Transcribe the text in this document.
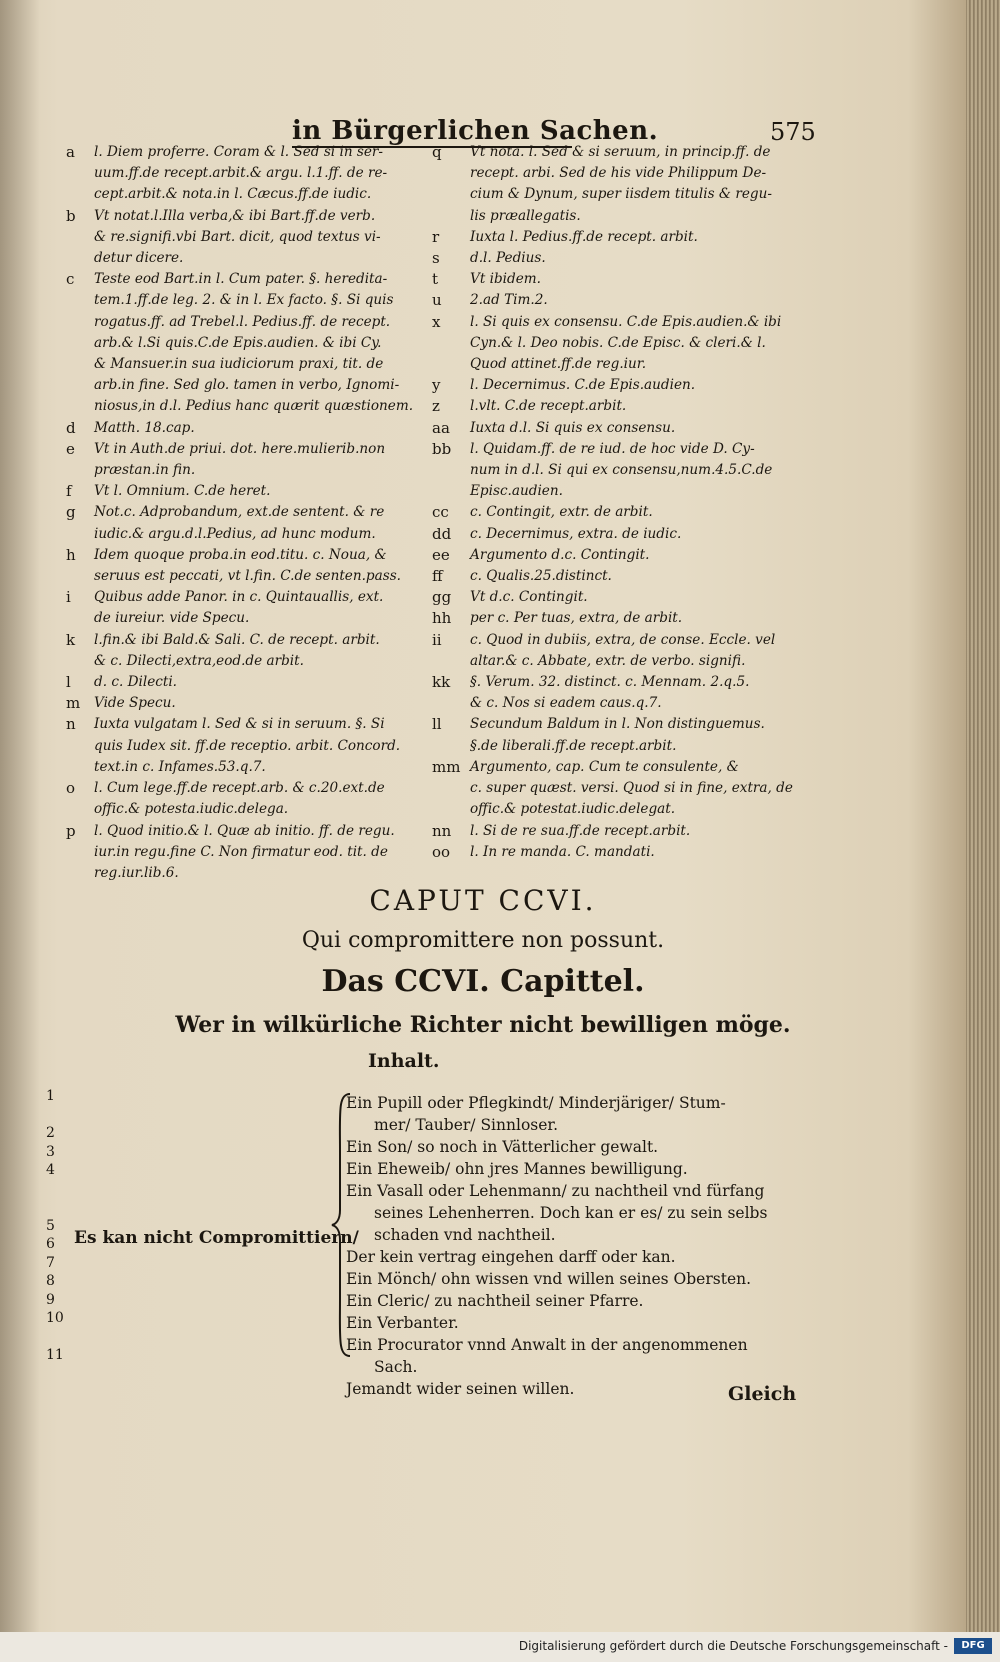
in Bürgerlichen Sachen.	575
a	l. Diem proferre. Coram & l. Sed si in ser-
uum.ff.de recept.arbit.& argu. l.1.ff. de re-
cept.arbit.& nota.in l. Cæcus.ff.de iudic.
b	Vt notat.l.Illa verba,& ibi Bart.ff.de verb.
& re.signifi.vbi Bart. dicit, quod textus vi-
detur dicere.
c	Teste eod Bart.in l. Cum pater. §. heredita-
tem.1.ff.de leg. 2. & in l. Ex facto. §. Si quis
rogatus.ff. ad Trebel.l. Pedius.ff. de recept.
arb.& l.Si quis.C.de Epis.audien. & ibi Cy.
& Mansuer.in sua iudiciorum praxi, tit. de
arb.in fine. Sed glo. tamen in verbo, Ignomi-
niosus,in d.l. Pedius hanc quærit quæstionem.
d	Matth. 18.cap.
e	Vt in Auth.de priui. dot. here.mulierib.non
præstan.in fin.
f	Vt l. Omnium. C.de heret.
g	Not.c. Adprobandum, ext.de sentent. & re
iudic.& argu.d.l.Pedius, ad hunc modum.
h	Idem quoque proba.in eod.titu. c. Noua, &
seruus est peccati, vt l.fin. C.de senten.pass.
i	Quibus adde Panor. in c. Quintauallis, ext.
de iureiur. vide Specu.
k	l.fin.& ibi Bald.& Sali. C. de recept. arbit.
& c. Dilecti,extra,eod.de arbit.
l	d. c. Dilecti.
m	Vide Specu.
n	Iuxta vulgatam l. Sed & si in seruum. §. Si
quis Iudex sit. ff.de receptio. arbit. Concord.
text.in c. Infames.53.q.7.
o	l. Cum lege.ff.de recept.arb. & c.20.ext.de
offic.& potesta.iudic.delega.
p	l. Quod initio.& l. Quæ ab initio. ff. de regu.
iur.in regu.fine C. Non firmatur eod. tit. de
reg.iur.lib.6.
q	Vt nota. l. Sed & si seruum, in princip.ff. de
recept. arbi. Sed de his vide Philippum De-
cium & Dynum, super iisdem titulis & regu-
lis præallegatis.
r	Iuxta l. Pedius.ff.de recept. arbit.
s	d.l. Pedius.
t	Vt ibidem.
u	2.ad Tim.2.
x	l. Si quis ex consensu. C.de Epis.audien.& ibi
Cyn.& l. Deo nobis. C.de Episc. & cleri.& l.
Quod attinet.ff.de reg.iur.
y	l. Decernimus. C.de Epis.audien.
z	l.vlt. C.de recept.arbit.
aa	Iuxta d.l. Si quis ex consensu.
bb	l. Quidam.ff. de re iud. de hoc vide D. Cy-
num in d.l. Si qui ex consensu,num.4.5.C.de
Episc.audien.
cc	c. Contingit, extr. de arbit.
dd	c. Decernimus, extra. de iudic.
ee	Argumento d.c. Contingit.
ff	c. Qualis.25.distinct.
gg	Vt d.c. Contingit.
hh	per c. Per tuas, extra, de arbit.
ii	c. Quod in dubiis, extra, de conse. Eccle. vel
altar.& c. Abbate, extr. de verbo. signifi.
kk	§. Verum. 32. distinct. c. Mennam. 2.q.5.
& c. Nos si eadem caus.q.7.
ll	Secundum Baldum in l. Non distinguemus.
§.de liberali.ff.de recept.arbit.
mm Argumento, cap. Cum te consulente, &
c. super quæst. versi. Quod si in fine, extra, de
offic.& potestat.iudic.delegat.
nn	l. Si de re sua.ff.de recept.arbit.
oo	l. In re manda. C. mandati.
CAPUT CCVI.
Qui compromittere non possunt.
Das CCVI. Capittel.
Wer in wilkürliche Richter nicht bewilligen möge.
Inhalt.
1
2
3
4
5
6
7
8
9
10
11
Es kan nicht Compromittiern/
Ein Pupill oder Pflegkindt/ Minderjäriger/ Stum-
mer/ Tauber/ Sinnloser.
Ein Son/ so noch in Vätterlicher gewalt.
Ein Eheweib/ ohn jres Mannes bewilligung.
Ein Vasall oder Lehenmann/ zu nachtheil vnd fürfang
seines Lehenherren. Doch kan er es/ zu sein selbs
schaden vnd nachtheil.
Der kein vertrag eingehen darff oder kan.
Ein Mönch/ ohn wissen vnd willen seines Obersten.
Ein Cleric/ zu nachtheil seiner Pfarre.
Ein Verbanter.
Ein Procurator vnnd Anwalt in der angenommenen
Sach.
Jemandt wider seinen willen.	Gleich
Digitalisierung gefördert durch die Deutsche Forschungsgemeinschaft -	DFG
